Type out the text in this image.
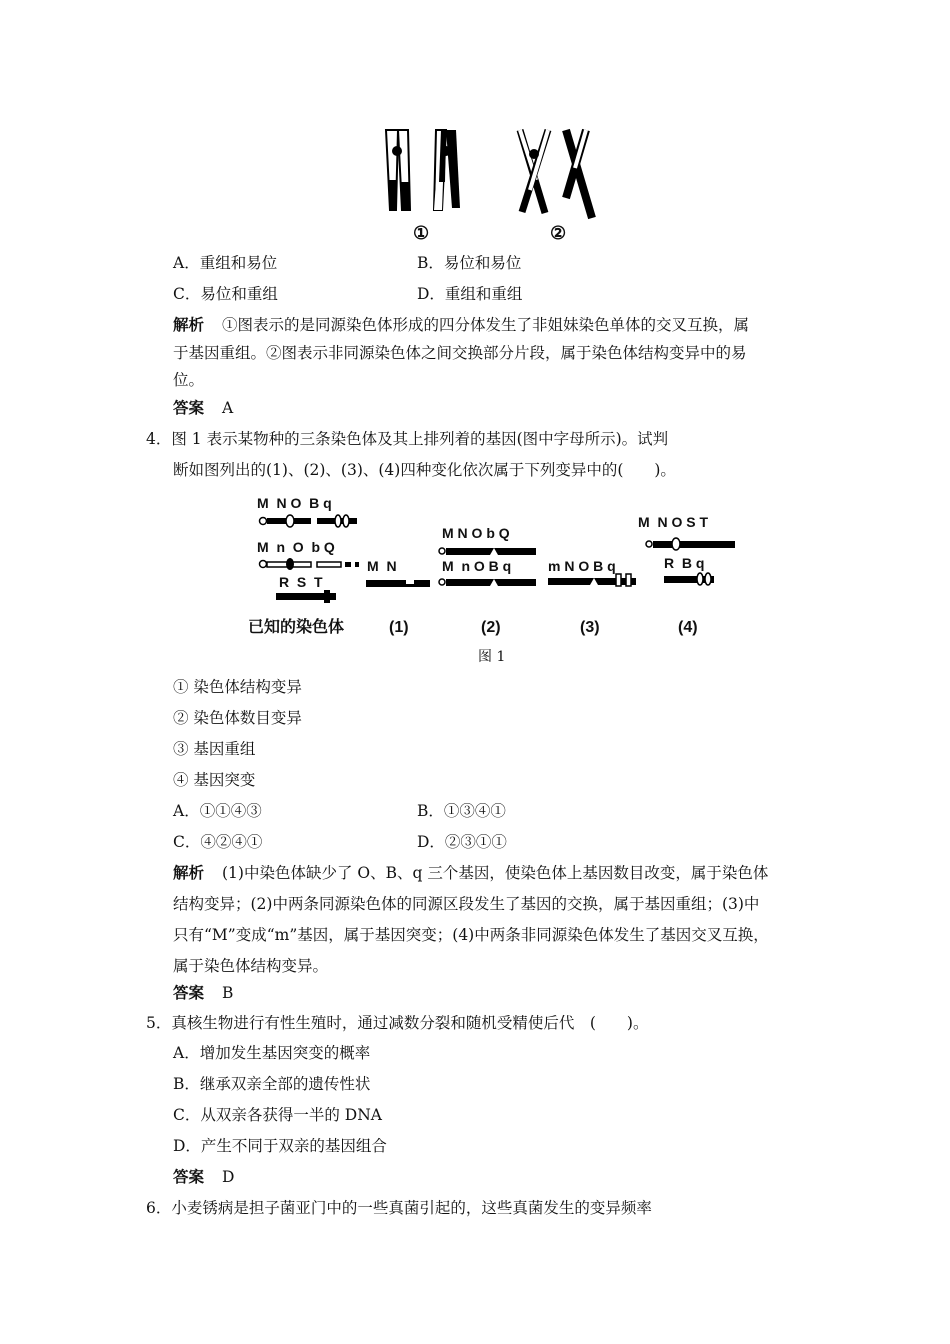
①	②
A．重组和易位	B．易位和易位
C．易位和重组	D．重组和重组
解析 ①图表示的是同源染色体形成的四分体发生了非姐妹染色单体的交叉互换，属
于基因重组。②图表示非同源染色体之间交换部分片段，属于染色体结构变异中的易
位。
答案 A
4．图 1 表示某物种的三条染色体及其上排列着的基因(图中字母所示)。试判
断如图列出的(1)、(2)、(3)、(4)四种变化依次属于下列变异中的(　　)。
M  N O  B q
M  n  O  b Q
R  S  T
已知的染色体
M  N
(1)
M N O b Q
M  n O B q
(2)
m N O B q
(3)
M  N O S T
R  B q
(4)
图 1
① 染色体结构变异
② 染色体数目变异
③ 基因重组
④ 基因突变
A．①①④③	B．①③④①
C．④②④①	D．②③①①
解析 (1)中染色体缺少了 O、B、q 三个基因，使染色体上基因数目改变，属于染色体
结构变异；(2)中两条同源染色体的同源区段发生了基因的交换，属于基因重组；(3)中
只有“M”变成“m”基因，属于基因突变；(4)中两条非同源染色体发生了基因交叉互换，
属于染色体结构变异。
答案 B
5．真核生物进行有性生殖时，通过减数分裂和随机受精使后代　(　　)。
A．增加发生基因突变的概率
B．继承双亲全部的遗传性状
C．从双亲各获得一半的 DNA
D．产生不同于双亲的基因组合
答案 D
6．小麦锈病是担子菌亚门中的一些真菌引起的，这些真菌发生的变异频率
